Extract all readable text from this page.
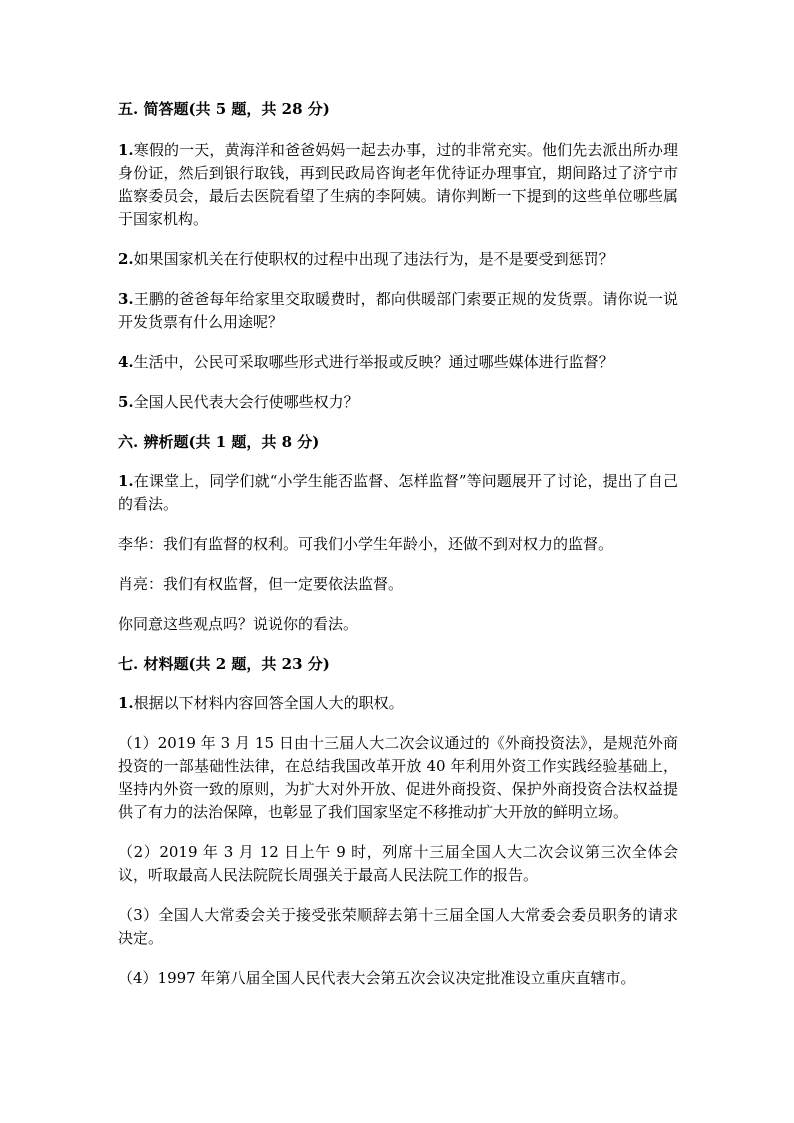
五. 简答题(共 5 题，共 28 分)

1.寒假的一天，黄海洋和爸爸妈妈一起去办事，过的非常充实。他们先去派出所办理身份证，然后到银行取钱，再到民政局咨询老年优待证办理事宜，期间路过了济宁市监察委员会，最后去医院看望了生病的李阿姨。请你判断一下提到的这些单位哪些属于国家机构。

2.如果国家机关在行使职权的过程中出现了违法行为，是不是要受到惩罚？

3.王鹏的爸爸每年给家里交取暖费时，都向供暖部门索要正规的发货票。请你说一说开发货票有什么用途呢？

4.生活中，公民可采取哪些形式进行举报或反映？通过哪些媒体进行监督？

5.全国人民代表大会行使哪些权力？

六. 辨析题(共 1 题，共 8 分)

1.在课堂上，同学们就“小学生能否监督、怎样监督”等问题展开了讨论，提出了自己的看法。

李华：我们有监督的权利。可我们小学生年龄小，还做不到对权力的监督。

肖亮：我们有权监督，但一定要依法监督。

你同意这些观点吗？说说你的看法。

七. 材料题(共 2 题，共 23 分)

1.根据以下材料内容回答全国人大的职权。

（1）2019 年 3 月 15 日由十三届人大二次会议通过的《外商投资法》，是规范外商投资的一部基础性法律，在总结我国改革开放 40 年利用外资工作实践经验基础上，坚持内外资一致的原则，为扩大对外开放、促进外商投资、保护外商投资合法权益提供了有力的法治保障，也彰显了我们国家坚定不移推动扩大开放的鲜明立场。

（2）2019 年 3 月 12 日上午 9 时，列席十三届全国人大二次会议第三次全体会议，听取最高人民法院院长周强关于最高人民法院工作的报告。

（3）全国人大常委会关于接受张荣顺辞去第十三届全国人大常委会委员职务的请求决定。

（4）1997 年第八届全国人民代表大会第五次会议决定批准设立重庆直辖市。
